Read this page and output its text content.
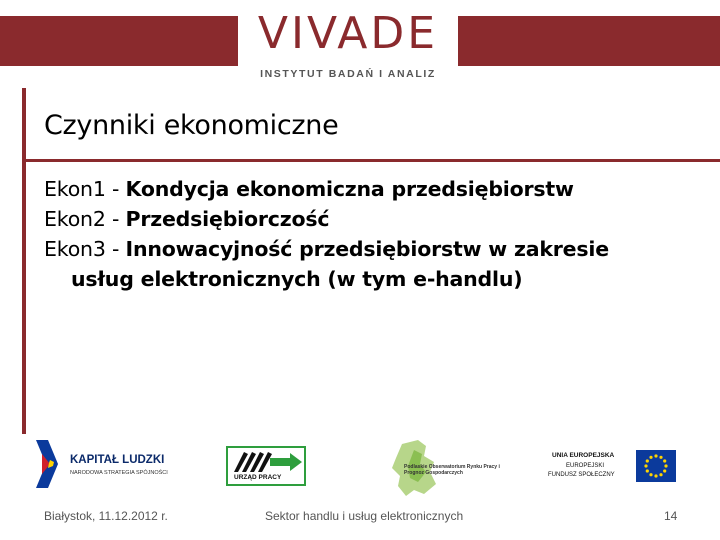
VIVADE
INSTYTUT BADAŃ I ANALIZ
Czynniki ekonomiczne
Ekon1 - Kondycja ekonomiczna przedsiębiorstw
Ekon2 - Przedsiębiorczość
Ekon3 - Innowacyjność przedsiębiorstw w zakresie
usług elektronicznych (w tym e-handlu)
KAPITAŁ LUDZKI
NARODOWA STRATEGIA SPÓJNOŚCI
URZĄD PRACY
Podlaskie Obserwatorium Rynku Pracy i Prognoz Gospodarczych
UNIA EUROPEJSKA
EUROPEJSKI
FUNDUSZ SPOŁECZNY
Białystok, 11.12.2012 r.	Sektor handlu i usług elektronicznych	14
